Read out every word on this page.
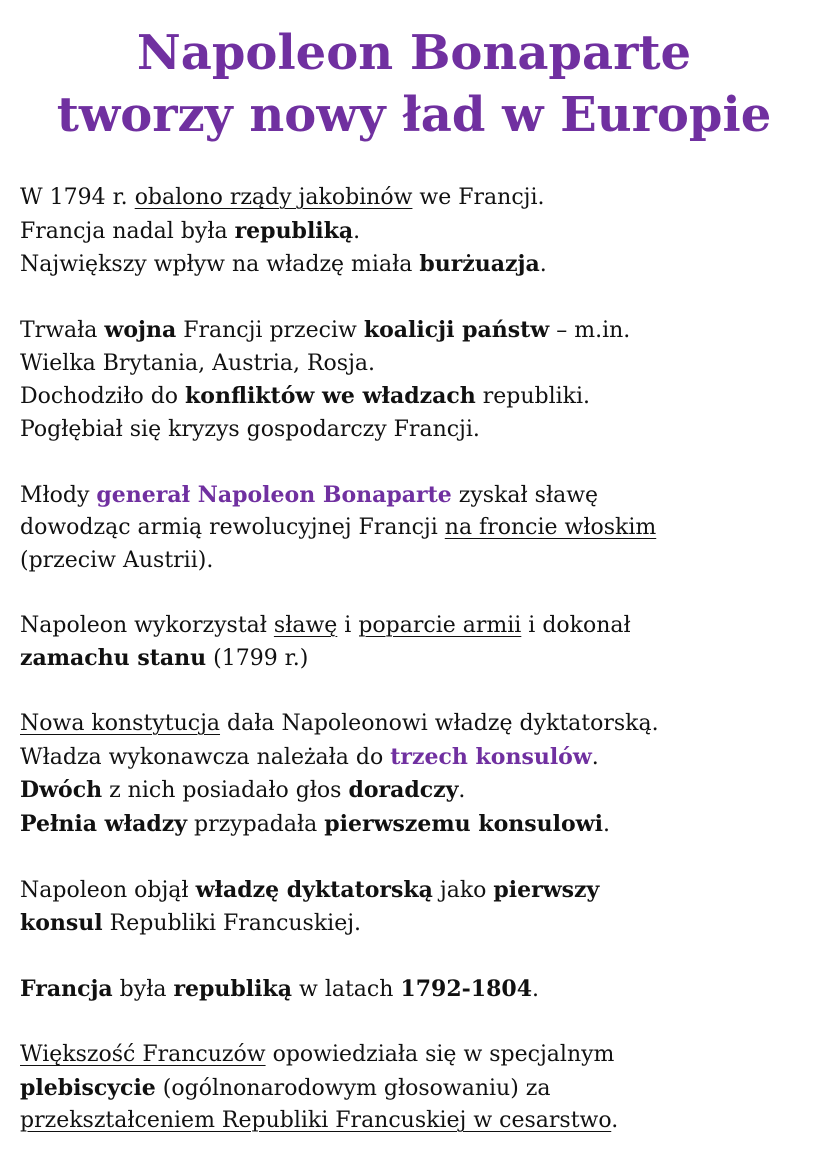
Napoleon Bonaparte
tworzy nowy ład w Europie
W 1794 r. obalono rządy jakobinów we Francji.
Francja nadal była republiką.
Największy wpływ na władzę miała burżuazja.
Trwała wojna Francji przeciw koalicji państw – m.in.
Wielka Brytania, Austria, Rosja.
Dochodziło do konfliktów we władzach republiki.
Pogłębiał się kryzys gospodarczy Francji.
Młody generał Napoleon Bonaparte zyskał sławę
dowodząc armią rewolucyjnej Francji na froncie włoskim
(przeciw Austrii).
Napoleon wykorzystał sławę i poparcie armii i dokonał
zamachu stanu (1799 r.)
Nowa konstytucja dała Napoleonowi władzę dyktatorską.
Władza wykonawcza należała do trzech konsulów.
Dwóch z nich posiadało głos doradczy.
Pełnia władzy przypadała pierwszemu konsulowi.
Napoleon objął władzę dyktatorską jako pierwszy
konsul Republiki Francuskiej.
Francja była republiką w latach 1792-1804.
Większość Francuzów opowiedziała się w specjalnym
plebiscycie (ogólnonarodowym głosowaniu) za
przekształceniem Republiki Francuskiej w cesarstwo.
